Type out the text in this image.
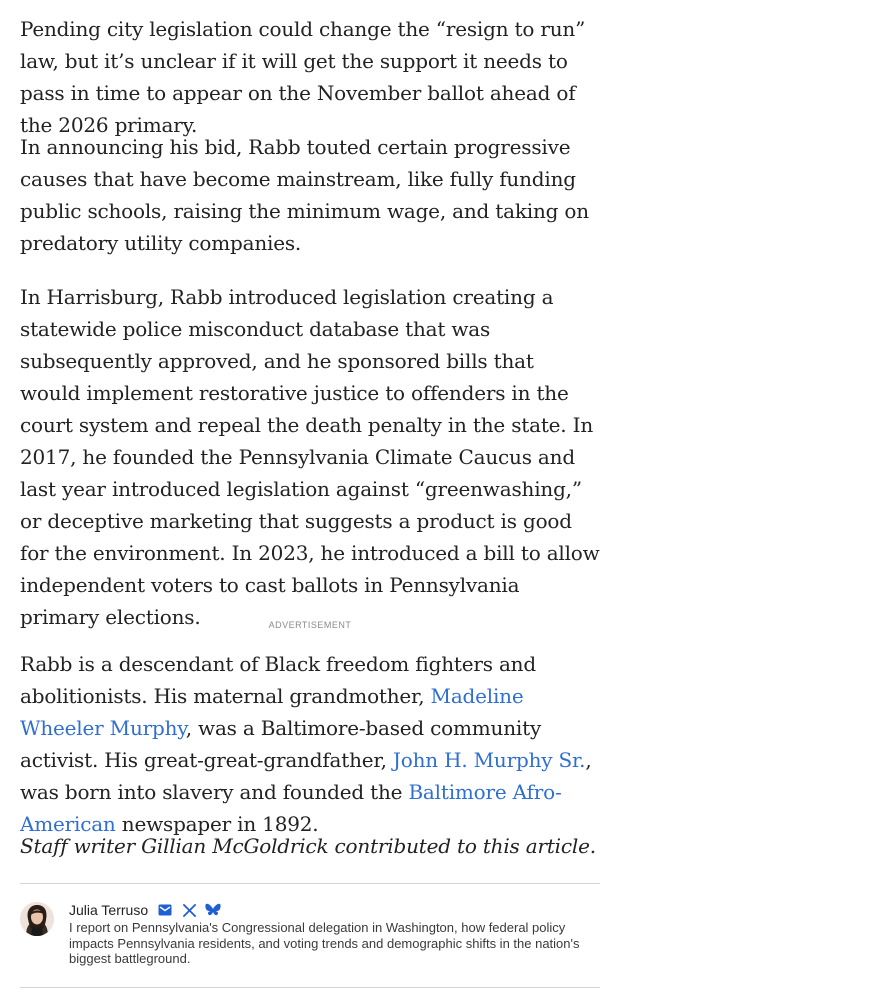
Pending city legislation could change the “resign to run” law, but it’s unclear if it will get the support it needs to pass in time to appear on the November ballot ahead of the 2026 primary.

In announcing his bid, Rabb touted certain progressive causes that have become mainstream, like fully funding public schools, raising the minimum wage, and taking on predatory utility companies.

In Harrisburg, Rabb introduced legislation creating a statewide police misconduct database that was subsequently approved, and he sponsored bills that would implement restorative justice to offenders in the court system and repeal the death penalty in the state. In 2017, he founded the Pennsylvania Climate Caucus and last year introduced legislation against “greenwashing,” or deceptive marketing that suggests a product is good for the environment. In 2023, he introduced a bill to allow independent voters to cast ballots in Pennsylvania primary elections.	ADVERTISEMENT

Rabb is a descendant of Black freedom fighters and abolitionists. His maternal grandmother, Madeline Wheeler Murphy, was a Baltimore-based community activist. His great-great-grandfather, John H. Murphy Sr., was born into slavery and founded the Baltimore Afro-American newspaper in 1892.

Staff writer Gillian McGoldrick contributed to this article.

Julia Terruso

I report on Pennsylvania's Congressional delegation in Washington, how federal policy impacts Pennsylvania residents, and voting trends and demographic shifts in the nation's biggest battleground.
